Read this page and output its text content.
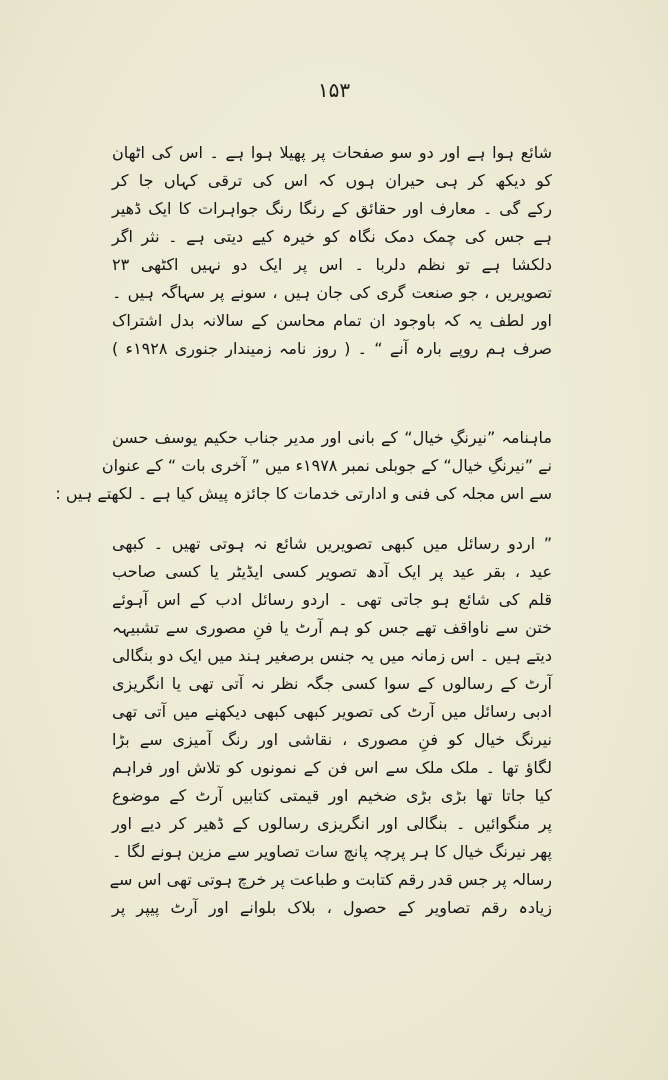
۱۵۳
شائع ہوا ہے اور دو سو صفحات پر پھیلا ہوا ہے ۔ اس کی اٹھان
کو دیکھ کر ہی حیران ہوں کہ اس کی ترقی کہاں جا کر
رکے گی ۔ معارف اور حقائق کے رنگا رنگ جواہرات کا ایک ڈھیر
ہے جس کی چمک دمک نگاہ کو خیرہ کیے دیتی ہے ۔ نثر اگر
دلکشا ہے تو نظم دلربا ۔ اس پر ایک دو نہیں اکٹھی ۲۳
تصویریں ، جو صنعت گری کی جان ہیں ، سونے پر سہاگہ ہیں ۔
اور لطف یہ کہ باوجود ان تمام محاسن کے سالانہ بدل اشتراک
صرف ہم روپے بارہ آنے “ ۔ ( روز نامہ زمیندار جنوری ۱۹۲۸ء )
ماہنامہ ”نیرنگِ خیال“ کے بانی اور مدیر جناب حکیم یوسف حسن
نے ”نیرنگِ خیال“ کے جوبلی نمبر ۱۹۷۸ء میں ” آخری بات “ کے عنوان
سے اس مجلہ کی فنی و ادارتی خدمات کا جائزہ پیش کیا ہے ۔ لکھتے ہیں :
” اردو رسائل میں کبھی تصویریں شائع نہ ہوتی تھیں ۔ کبھی
عید ، بقر عید پر ایک آدھ تصویر کسی ایڈیٹر یا کسی صاحب
قلم کی شائع ہو جاتی تھی ۔ اردو رسائل ادب کے اس آہوئے
ختن سے ناواقف تھے جس کو ہم آرٹ یا فنِ مصوری سے تشبیہہ
دیتے ہیں ۔ اس زمانہ میں یہ جنس برصغیر ہند میں ایک دو بنگالی
آرٹ کے رسالوں کے سوا کسی جگہ نظر نہ آتی تھی یا انگریزی
ادبی رسائل میں آرٹ کی تصویر کبھی کبھی دیکھنے میں آتی تھی
نیرنگ خیال کو فنِ مصوری ، نقاشی اور رنگ آمیزی سے بڑا
لگاؤ تھا ۔ ملک ملک سے اس فن کے نمونوں کو تلاش اور فراہم
کیا جاتا تھا بڑی بڑی ضخیم اور قیمتی کتابیں آرٹ کے موضوع
پر منگوائیں ۔ بنگالی اور انگریزی رسالوں کے ڈھیر کر دیے اور
پھر نیرنگ خیال کا ہر پرچہ پانچ سات تصاویر سے مزین ہونے لگا ۔
رسالہ پر جس قدر رقم کتابت و طباعت پر خرچ ہوتی تھی اس سے
زیادہ رقم تصاویر کے حصول ، بلاک بلوانے اور آرٹ پیپر پر
